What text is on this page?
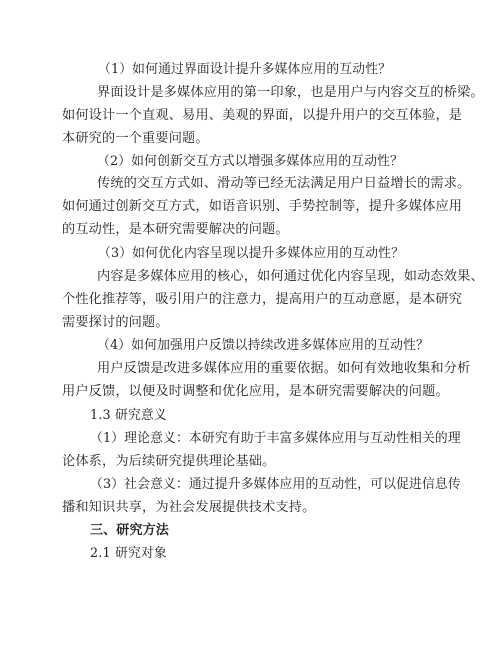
（1）如何通过界面设计提升多媒体应用的互动性？
界面设计是多媒体应用的第一印象，也是用户与内容交互的桥梁。
如何设计一个直观、易用、美观的界面，以提升用户的交互体验，是
本研究的一个重要问题。
（2）如何创新交互方式以增强多媒体应用的互动性？
传统的交互方式如、滑动等已经无法满足用户日益增长的需求。
如何通过创新交互方式，如语音识别、手势控制等，提升多媒体应用
的互动性，是本研究需要解决的问题。
（3）如何优化内容呈现以提升多媒体应用的互动性？
内容是多媒体应用的核心，如何通过优化内容呈现，如动态效果、
个性化推荐等，吸引用户的注意力，提高用户的互动意愿，是本研究
需要探讨的问题。
（4）如何加强用户反馈以持续改进多媒体应用的互动性？
用户反馈是改进多媒体应用的重要依据。如何有效地收集和分析
用户反馈，以便及时调整和优化应用，是本研究需要解决的问题。
1.3 研究意义
（1）理论意义：本研究有助于丰富多媒体应用与互动性相关的理
论体系，为后续研究提供理论基础。
（3）社会意义：通过提升多媒体应用的互动性，可以促进信息传
播和知识共享，为社会发展提供技术支持。
三、研究方法
2.1 研究对象
